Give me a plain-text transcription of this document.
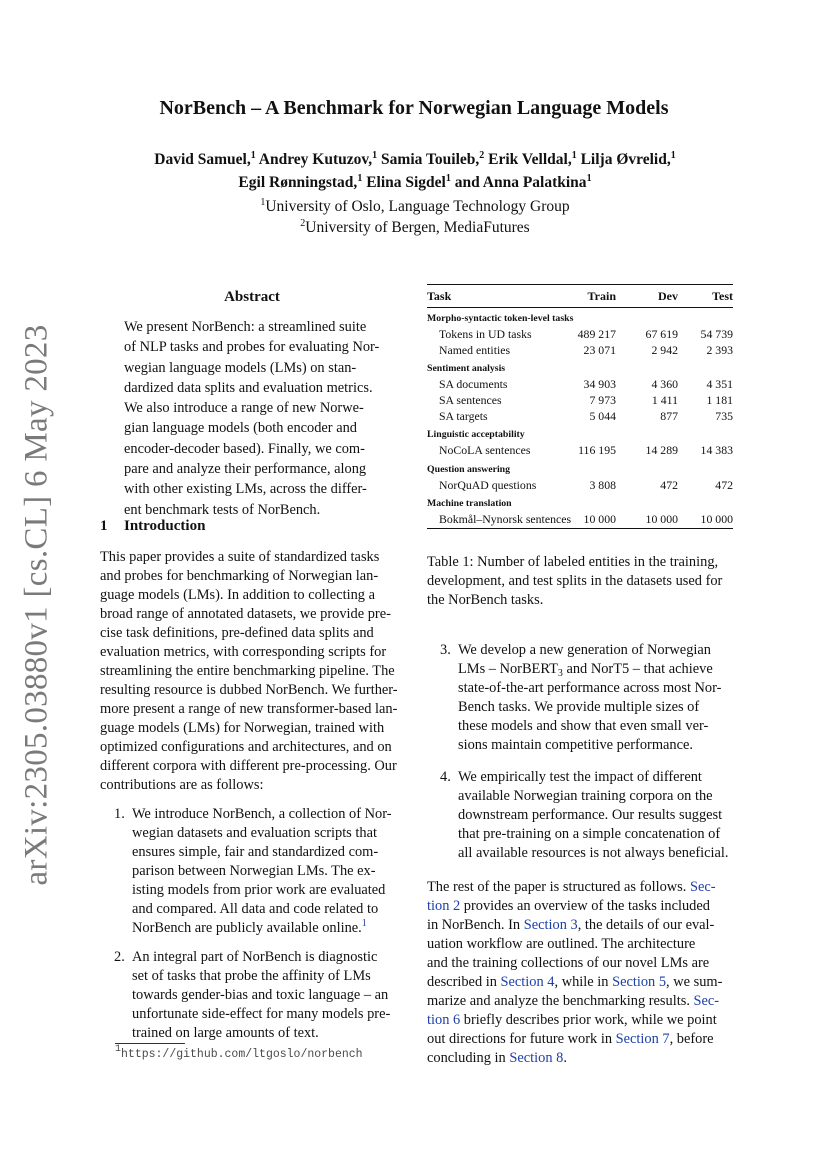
arXiv:2305.03880v1 [cs.CL] 6 May 2023
NorBench – A Benchmark for Norwegian Language Models
David Samuel,$^1$ Andrey Kutuzov,$^1$ Samia Touileb,$^2$ Erik Velldal,$^1$ Lilja Øvrelid,$^1$
Egil Rønningstad,$^1$ Elina Sigdel$^1$ and Anna Palatkina$^1$
$^1$University of Oslo, Language Technology Group
$^2$University of Bergen, MediaFutures
Abstract
We present NorBench: a streamlined suite
of NLP tasks and probes for evaluating Nor-
wegian language models (LMs) on stan-
dardized data splits and evaluation metrics.
We also introduce a range of new Norwe-
gian language models (both encoder and
encoder-decoder based). Finally, we com-
pare and analyze their performance, along
with other existing LMs, across the differ-
ent benchmark tests of NorBench.
1 Introduction
This paper provides a suite of standardized tasks
and probes for benchmarking of Norwegian lan-
guage models (LMs). In addition to collecting a
broad range of annotated datasets, we provide pre-
cise task definitions, pre-defined data splits and
evaluation metrics, with corresponding scripts for
streamlining the entire benchmarking pipeline. The
resulting resource is dubbed NorBench. We further-
more present a range of new transformer-based lan-
guage models (LMs) for Norwegian, trained with
optimized configurations and architectures, and on
different corpora with different pre-processing. Our
contributions are as follows:
1. We introduce NorBench, a collection of Nor-
wegian datasets and evaluation scripts that
ensures simple, fair and standardized com-
parison between Norwegian LMs. The ex-
isting models from prior work are evaluated
and compared. All data and code related to
NorBench are publicly available online.$^1$
2. An integral part of NorBench is diagnostic
set of tasks that probe the affinity of LMs
towards gender-bias and toxic language – an
unfortunate side-effect for many models pre-
trained on large amounts of text.
$^1$https://github.com/ltgoslo/norbench
Task	Train	Dev	Test
Morpho-syntactic token-level tasks			
Tokens in UD tasks	489 217	67 619	54 739
Named entities	23 071	2 942	2 393
Sentiment analysis			
SA documents	34 903	4 360	4 351
SA sentences	7 973	1 411	1 181
SA targets	5 044	877	735
Linguistic acceptability			
NoCoLA sentences	116 195	14 289	14 383
Question answering			
NorQuAD questions	3 808	472	472
Machine translation			
Bokmål–Nynorsk sentences	10 000	10 000	10 000
Table 1: Number of labeled entities in the training,
development, and test splits in the datasets used for
the NorBench tasks.
3. We develop a new generation of Norwegian
LMs – NorBERT$_3$ and NorT5 – that achieve
state-of-the-art performance across most Nor-
Bench tasks. We provide multiple sizes of
these models and show that even small ver-
sions maintain competitive performance.
4. We empirically test the impact of different
available Norwegian training corpora on the
downstream performance. Our results suggest
that pre-training on a simple concatenation of
all available resources is not always beneficial.
The rest of the paper is structured as follows. Sec-
tion 2 provides an overview of the tasks included
in NorBench. In Section 3, the details of our eval-
uation workflow are outlined. The architecture
and the training collections of our novel LMs are
described in Section 4, while in Section 5, we sum-
marize and analyze the benchmarking results. Sec-
tion 6 briefly describes prior work, while we point
out directions for future work in Section 7, before
concluding in Section 8.
